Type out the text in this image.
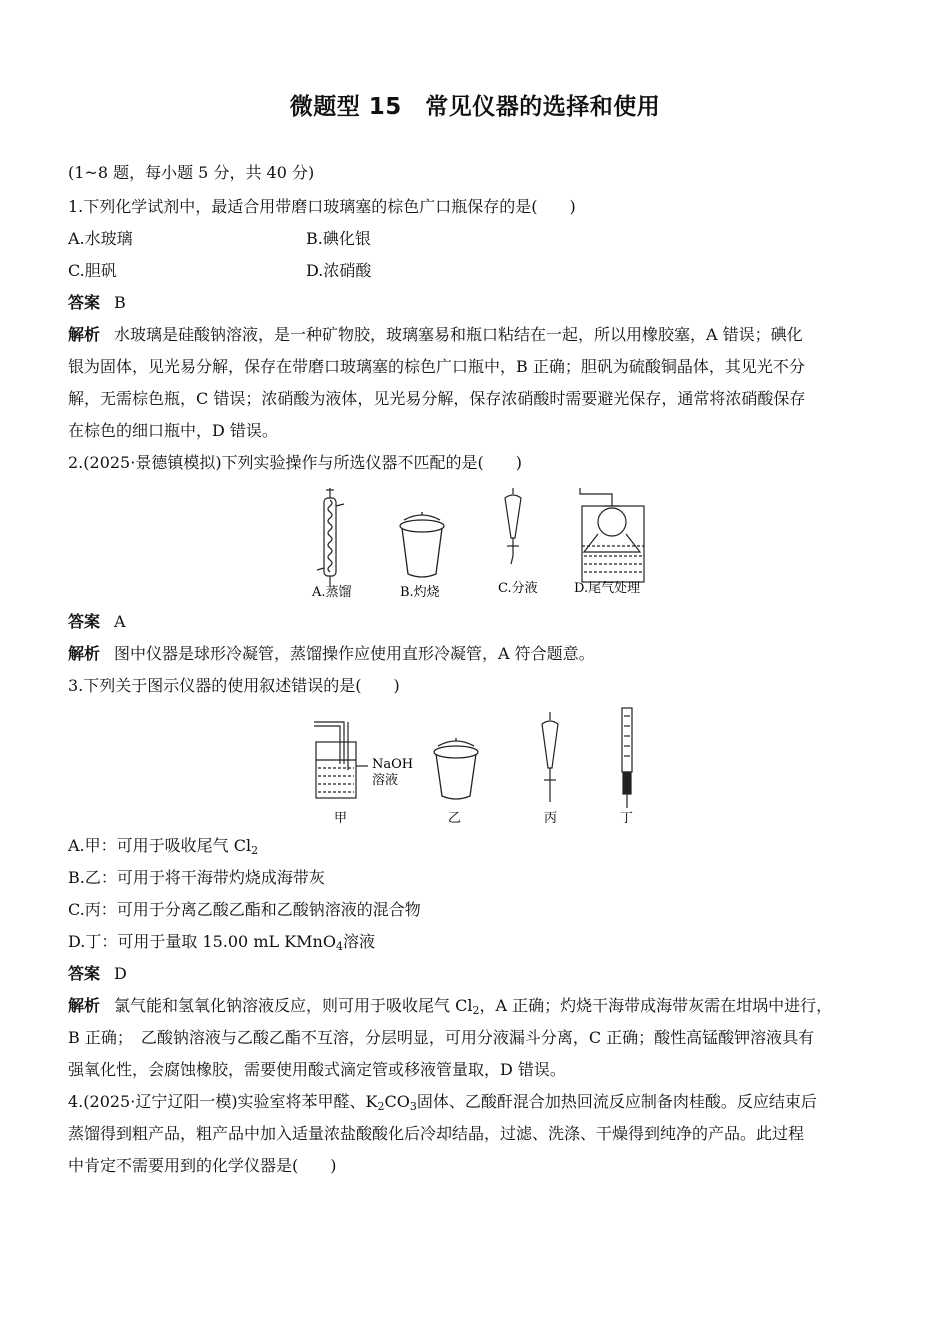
微题型 15　常见仪器的选择和使用
(1~8 题，每小题 5 分，共 40 分)
1.下列化学试剂中，最适合用带磨口玻璃塞的棕色广口瓶保存的是(　　)
A.水玻璃	B.碘化银
C.胆矾	D.浓硝酸
答案 B
解析 水玻璃是硅酸钠溶液，是一种矿物胶，玻璃塞易和瓶口粘结在一起，所以用橡胶塞，A 错误；碘化
银为固体，见光易分解，保存在带磨口玻璃塞的棕色广口瓶中，B 正确；胆矾为硫酸铜晶体，其见光不分
解，无需棕色瓶，C 错误；浓硝酸为液体，见光易分解，保存浓硝酸时需要避光保存，通常将浓硝酸保存
在棕色的细口瓶中，D 错误。
2.(2025·景德镇模拟)下列实验操作与所选仪器不匹配的是(　　)
A.蒸馏	B.灼烧	C.分液	D.尾气处理
答案 A
解析 图中仪器是球形冷凝管，蒸馏操作应使用直形冷凝管，A 符合题意。
3.下列关于图示仪器的使用叙述错误的是(　　)
NaOH
溶液
甲	乙	丙	丁
A.甲：可用于吸收尾气 $Cl_2$
B.乙：可用于将干海带灼烧成海带灰
C.丙：可用于分离乙酸乙酯和乙酸钠溶液的混合物
D.丁：可用于量取 15.00 mL KMnO$_4$溶液
答案 D
解析 氯气能和氢氧化钠溶液反应，则可用于吸收尾气 $Cl_2$，A 正确；灼烧干海带成海带灰需在坩埚中进行，
B 正确；　乙酸钠溶液与乙酸乙酯不互溶，分层明显，可用分液漏斗分离，C 正确；酸性高锰酸钾溶液具有
强氧化性，会腐蚀橡胶，需要使用酸式滴定管或移液管量取，D 错误。
4.(2025·辽宁辽阳一模)实验室将苯甲醛、$K_2CO_3$固体、乙酸酐混合加热回流反应制备肉桂酸。反应结束后
蒸馏得到粗产品，粗产品中加入适量浓盐酸酸化后冷却结晶，过滤、洗涤、干燥得到纯净的产品。此过程
中肯定不需要用到的化学仪器是(　　)
